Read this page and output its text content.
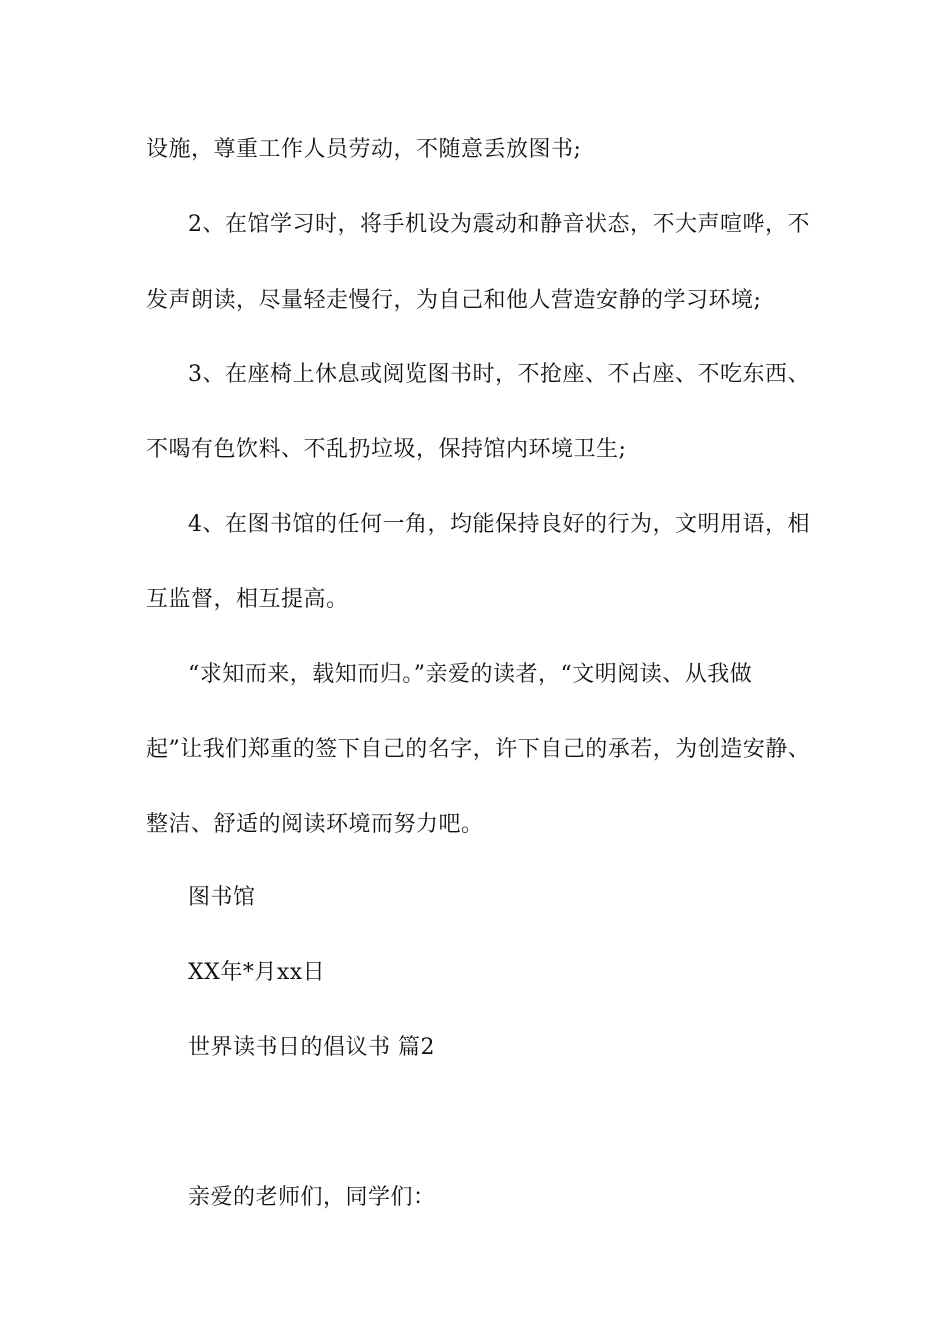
设施，尊重工作人员劳动，不随意丢放图书;
2、在馆学习时，将手机设为震动和静音状态，不大声喧哗，不
发声朗读，尽量轻走慢行，为自己和他人营造安静的学习环境;
3、在座椅上休息或阅览图书时，不抢座、不占座、不吃东西、
不喝有色饮料、不乱扔垃圾，保持馆内环境卫生;
4、在图书馆的任何一角，均能保持良好的行为，文明用语，相
互监督，相互提高。
“求知而来，载知而归。”亲爱的读者，“文明阅读、从我做
起”让我们郑重的签下自己的名字，许下自己的承若，为创造安静、
整洁、舒适的阅读环境而努力吧。
图书馆
XX年*月xx日
世界读书日的倡议书 篇2
亲爱的老师们，同学们：
